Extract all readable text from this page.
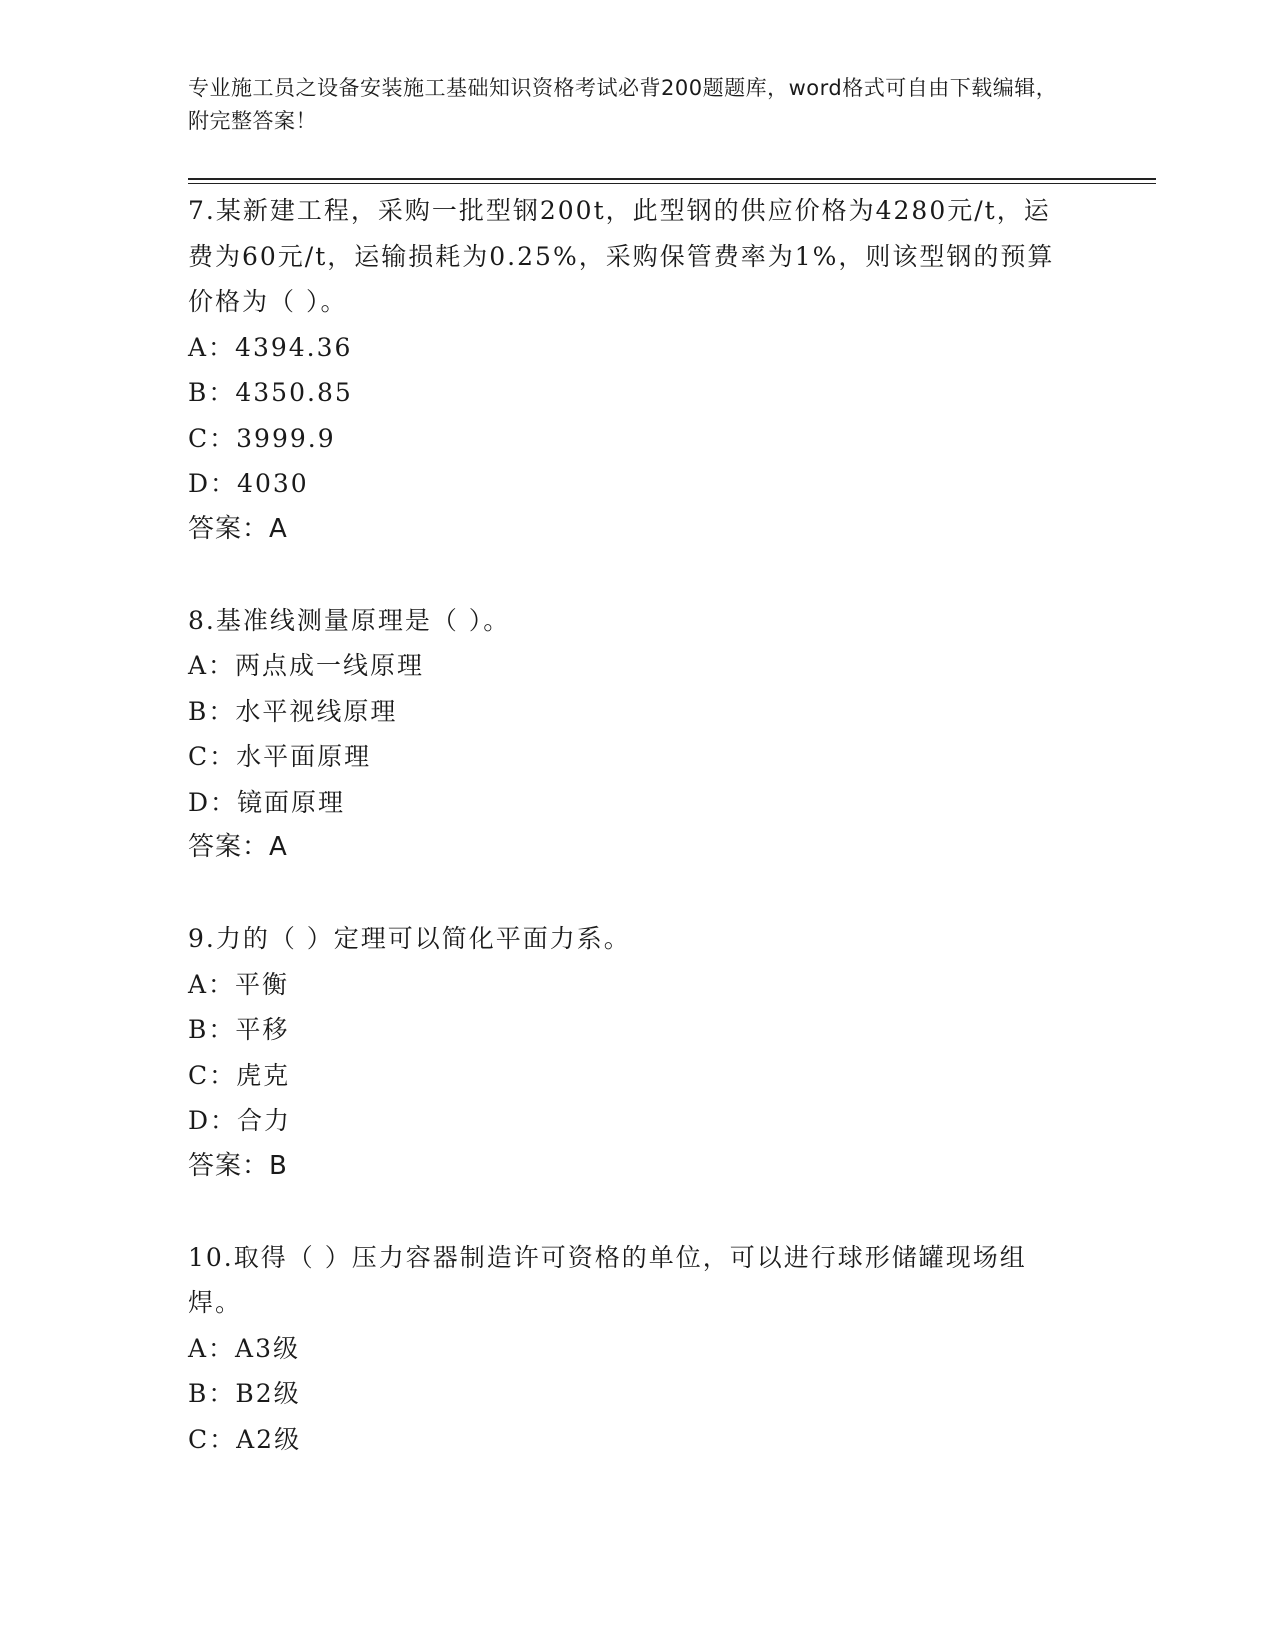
专业施工员之设备安装施工基础知识资格考试必背200题题库，word格式可自由下载编辑，附完整答案！

7.某新建工程，采购一批型钢200t，此型钢的供应价格为4280元/t，运费为60元/t，运输损耗为0.25%，采购保管费率为1%，则该型钢的预算价格为（ ）。

A：4394.36

B：4350.85

C：3999.9

D：4030

答案：A

8.基准线测量原理是（ ）。

A：两点成一线原理

B：水平视线原理

C：水平面原理

D：镜面原理

答案：A

9.力的（ ）定理可以简化平面力系。

A：平衡

B：平移

C：虎克

D：合力

答案：B

10.取得（ ）压力容器制造许可资格的单位，可以进行球形储罐现场组焊。

A：A3级

B：B2级

C：A2级
